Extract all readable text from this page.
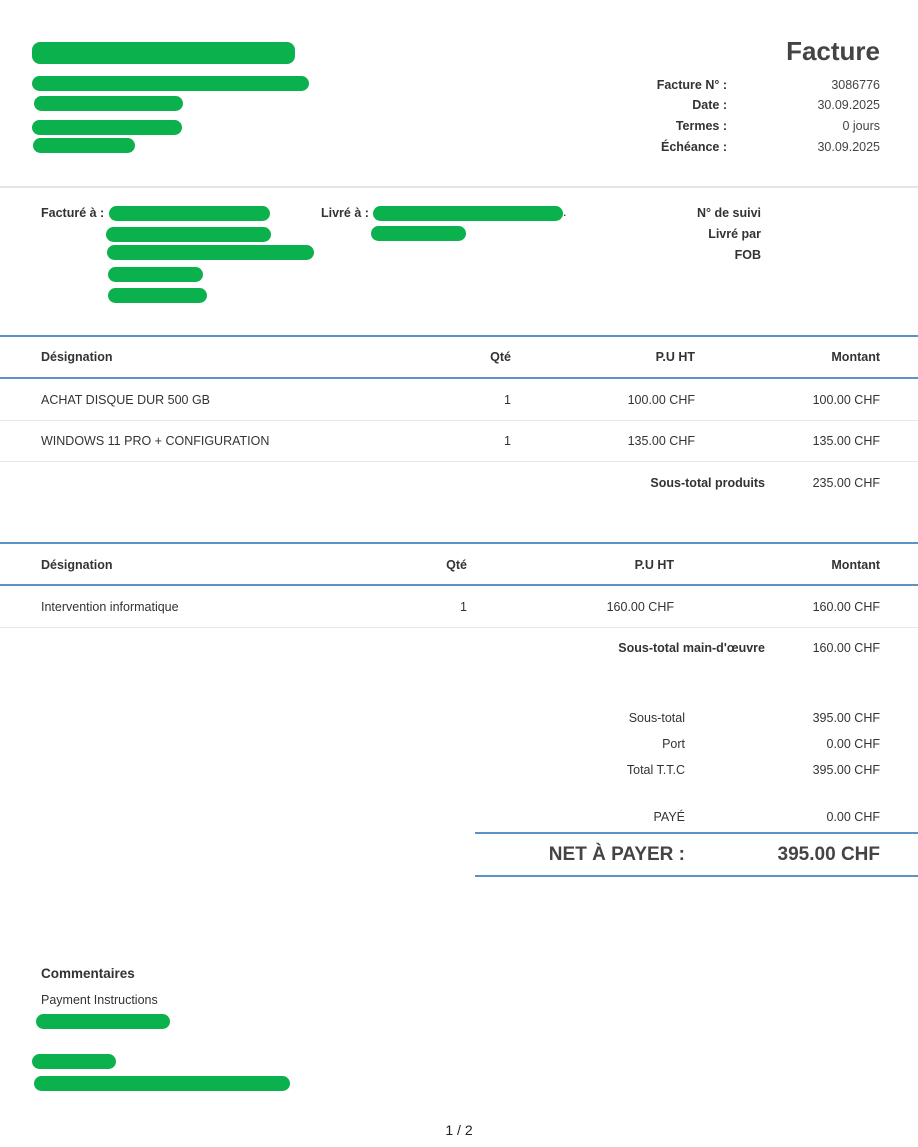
Facture
Facture N° :	3086776
Date :	30.09.2025
Termes :	0 jours
Échéance :	30.09.2025
Facturé à :	Livré à :	.	N° de suivi
Livré par
FOB
Désignation	Qté	P.U HT	Montant
ACHAT DISQUE DUR 500 GB	1	100.00 CHF	100.00 CHF
WINDOWS 11 PRO + CONFIGURATION	1	135.00 CHF	135.00 CHF
Sous-total produits	235.00 CHF
Désignation	Qté	P.U HT	Montant
Intervention informatique	1	160.00 CHF	160.00 CHF
Sous-total main-d'œuvre	160.00 CHF
Sous-total	395.00 CHF
Port	0.00 CHF
Total T.T.C	395.00 CHF
PAYÉ	0.00 CHF
NET À PAYER :	395.00 CHF
Commentaires
Payment Instructions
1 / 2
